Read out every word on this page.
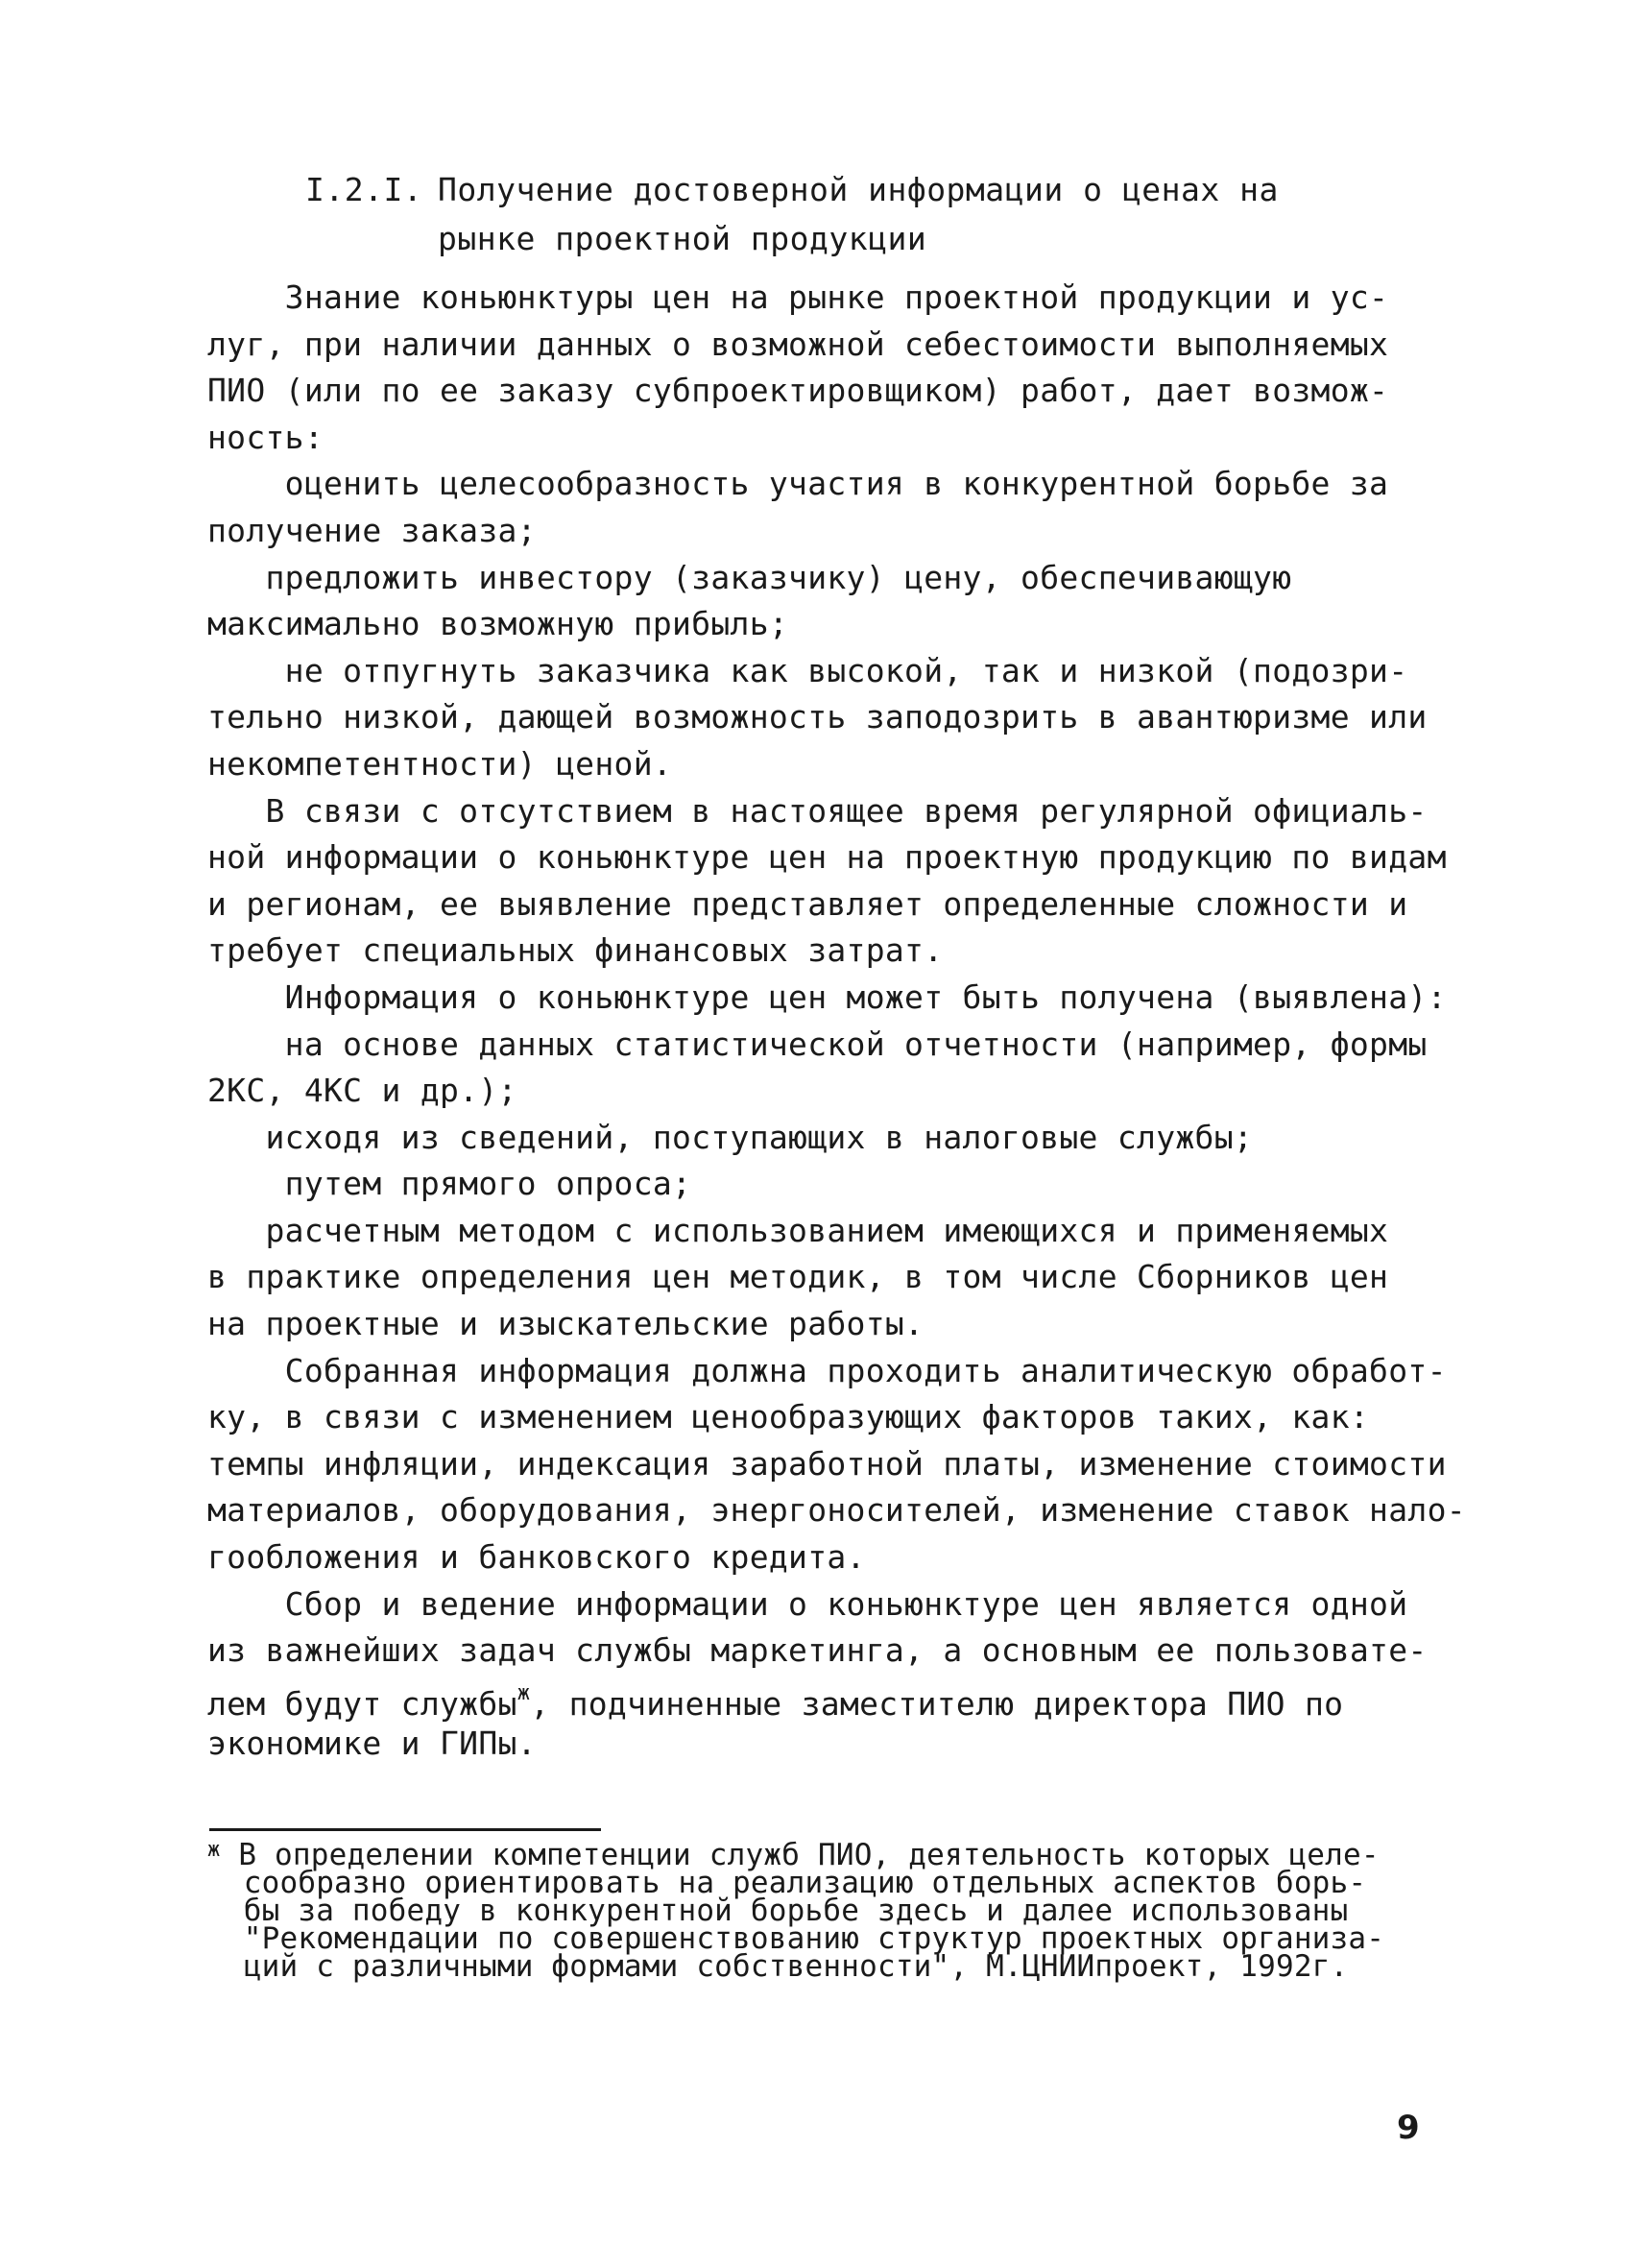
I.2.I. Получение достоверной информации о ценах на
рынке проектной продукции
Знание коньюнктуры цен на рынке проектной продукции и ус-
луг, при наличии данных о возможной себестоимости выполняемых
ПИО (или по ее заказу субпроектировщиком) работ, дает возмож-
ность:
оценить целесообразность участия в конкурентной борьбе за
получение заказа;
предложить инвестору (заказчику) цену, обеспечивающую
максимально возможную прибыль;
не отпугнуть заказчика как высокой, так и низкой (подозри-
тельно низкой, дающей возможность заподозрить в авантюризме или
некомпетентности) ценой.
В связи с отсутствием в настоящее время регулярной официаль-
ной информации о коньюнктуре цен на проектную продукцию по видам
и регионам, ее выявление представляет определенные сложности и
требует специальных финансовых затрат.
Информация о коньюнктуре цен может быть получена (выявлена):
на основе данных статистической отчетности (например, формы
2КС, 4КС и др.);
исходя из сведений, поступающих в налоговые службы;
путем прямого опроса;
расчетным методом с использованием имеющихся и применяемых
в практике определения цен методик, в том числе Сборников цен
на проектные и изыскательские работы.
Собранная информация должна проходить аналитическую обработ-
ку, в связи с изменением ценообразующих факторов таких, как:
темпы инфляции, индексация заработной платы, изменение стоимости
материалов, оборудования, энергоносителей, изменение ставок нало-
гообложения и банковского кредита.
Сбор и ведение информации о коньюнктуре цен является одной
из важнейших задач службы маркетинга, а основным ее пользовате-
лем будут службы$^ж$, подчиненные заместителю директора ПИО по
экономике и ГИПы.
$^ж$ В определении компетенции служб ПИО, деятельность которых целе-
сообразно ориентировать на реализацию отдельных аспектов борь-
бы за победу в конкурентной борьбе здесь и далее использованы
"Рекомендации по совершенствованию структур проектных организа-
ций с различными формами собственности", М.ЦНИИпроект, 1992г.
9
